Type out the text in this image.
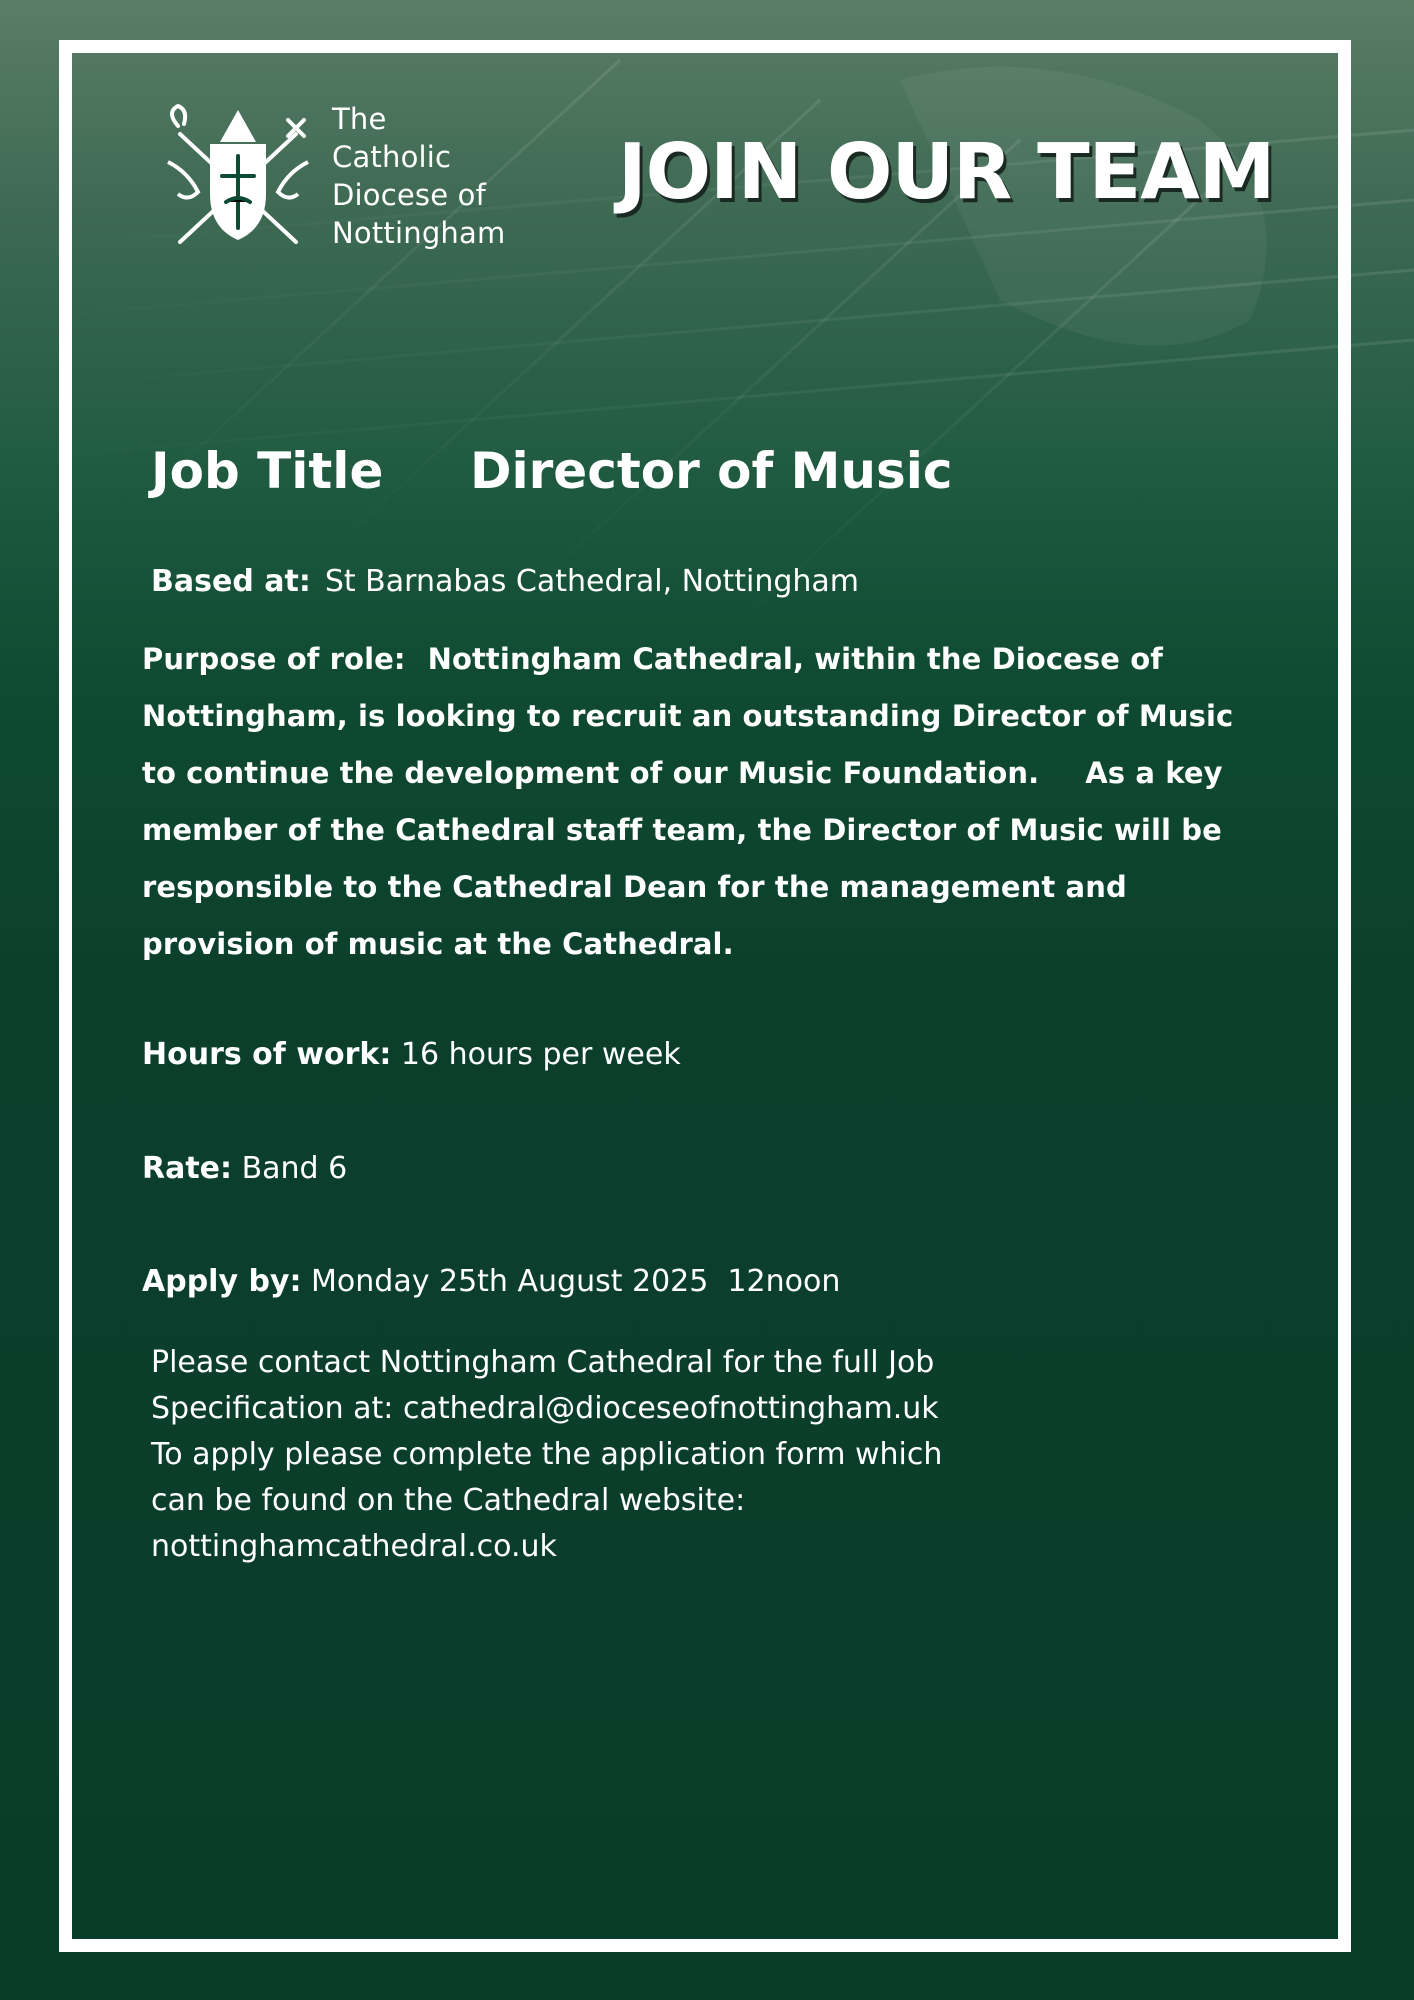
The
Catholic
Diocese of
Nottingham
JOIN OUR TEAM
Job Title Director of Music
Based at: St Barnabas Cathedral, Nottingham
Purpose of role: Nottingham Cathedral, within the Diocese of Nottingham, is looking to recruit an outstanding Director of Music to continue the development of our Music Foundation. As a key member of the Cathedral staff team, the Director of Music will be responsible to the Cathedral Dean for the management and provision of music at the Cathedral.
Hours of work: 16 hours per week
Rate: Band 6
Apply by: Monday 25th August 2025  12noon
Please contact Nottingham Cathedral for the full Job
Specification at: cathedral@dioceseofnottingham.uk
To apply please complete the application form which
can be found on the Cathedral website:
nottinghamcathedral.co.uk
